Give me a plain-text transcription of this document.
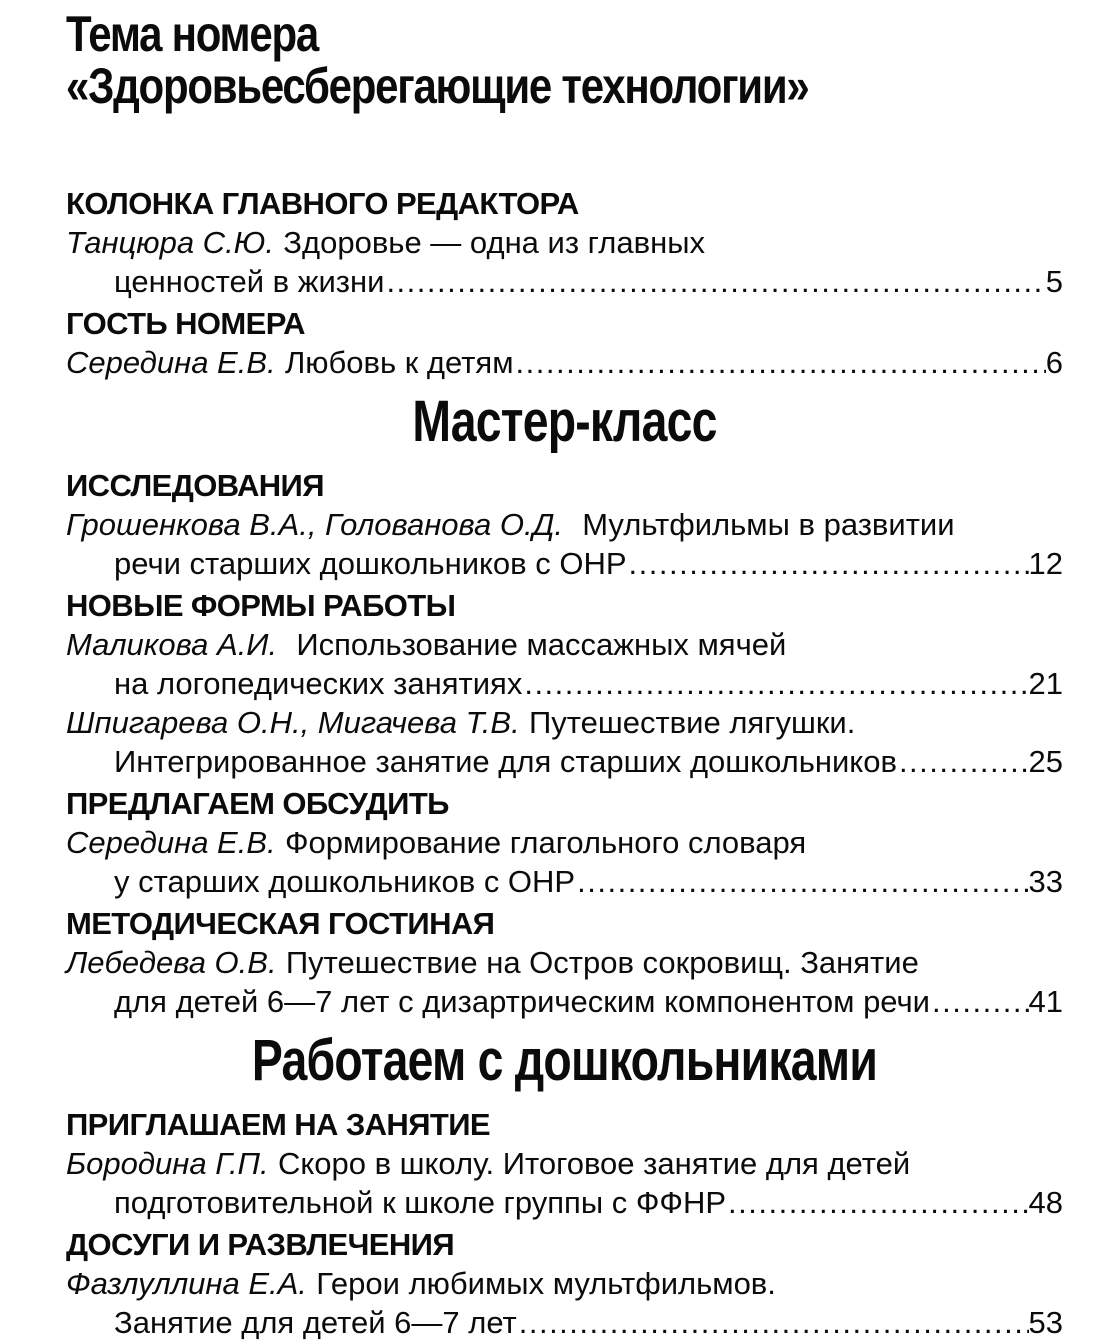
Тема номера
«Здоровьесберегающие технологии»
КОЛОНКА ГЛАВНОГО РЕДАКТОРА
Танцюра С.Ю. Здоровье — одна из главных
ценностей в жизни .....	5
ГОСТЬ НОМЕРА
Середина Е.В. Любовь к детям .....	6
Мастер-класс
ИССЛЕДОВАНИЯ
Грошенкова В.А., Голованова О.Д. Мультфильмы в развитии
речи старших дошкольников с ОНР .....	12
НОВЫЕ ФОРМЫ РАБОТЫ
Маликова А.И. Использование массажных мячей
на логопедических занятиях .....	21
Шпигарева О.Н., Мигачева Т.В. Путешествие лягушки.
Интегрированное занятие для старших дошкольников .....	25
ПРЕДЛАГАЕМ ОБСУДИТЬ
Середина Е.В. Формирование глагольного словаря
у старших дошкольников с ОНР .....	33
МЕТОДИЧЕСКАЯ ГОСТИНАЯ
Лебедева О.В. Путешествие на Остров сокровищ. Занятие
для детей 6—7 лет с дизартрическим компонентом речи .....	41
Работаем с дошкольниками
ПРИГЛАШАЕМ НА ЗАНЯТИЕ
Бородина Г.П. Скоро в школу. Итоговое занятие для детей
подготовительной к школе группы с ФФНР .....	48
ДОСУГИ И РАЗВЛЕЧЕНИЯ
Фазлуллина Е.А. Герои любимых мультфильмов.
Занятие для детей 6—7 лет .....	53
